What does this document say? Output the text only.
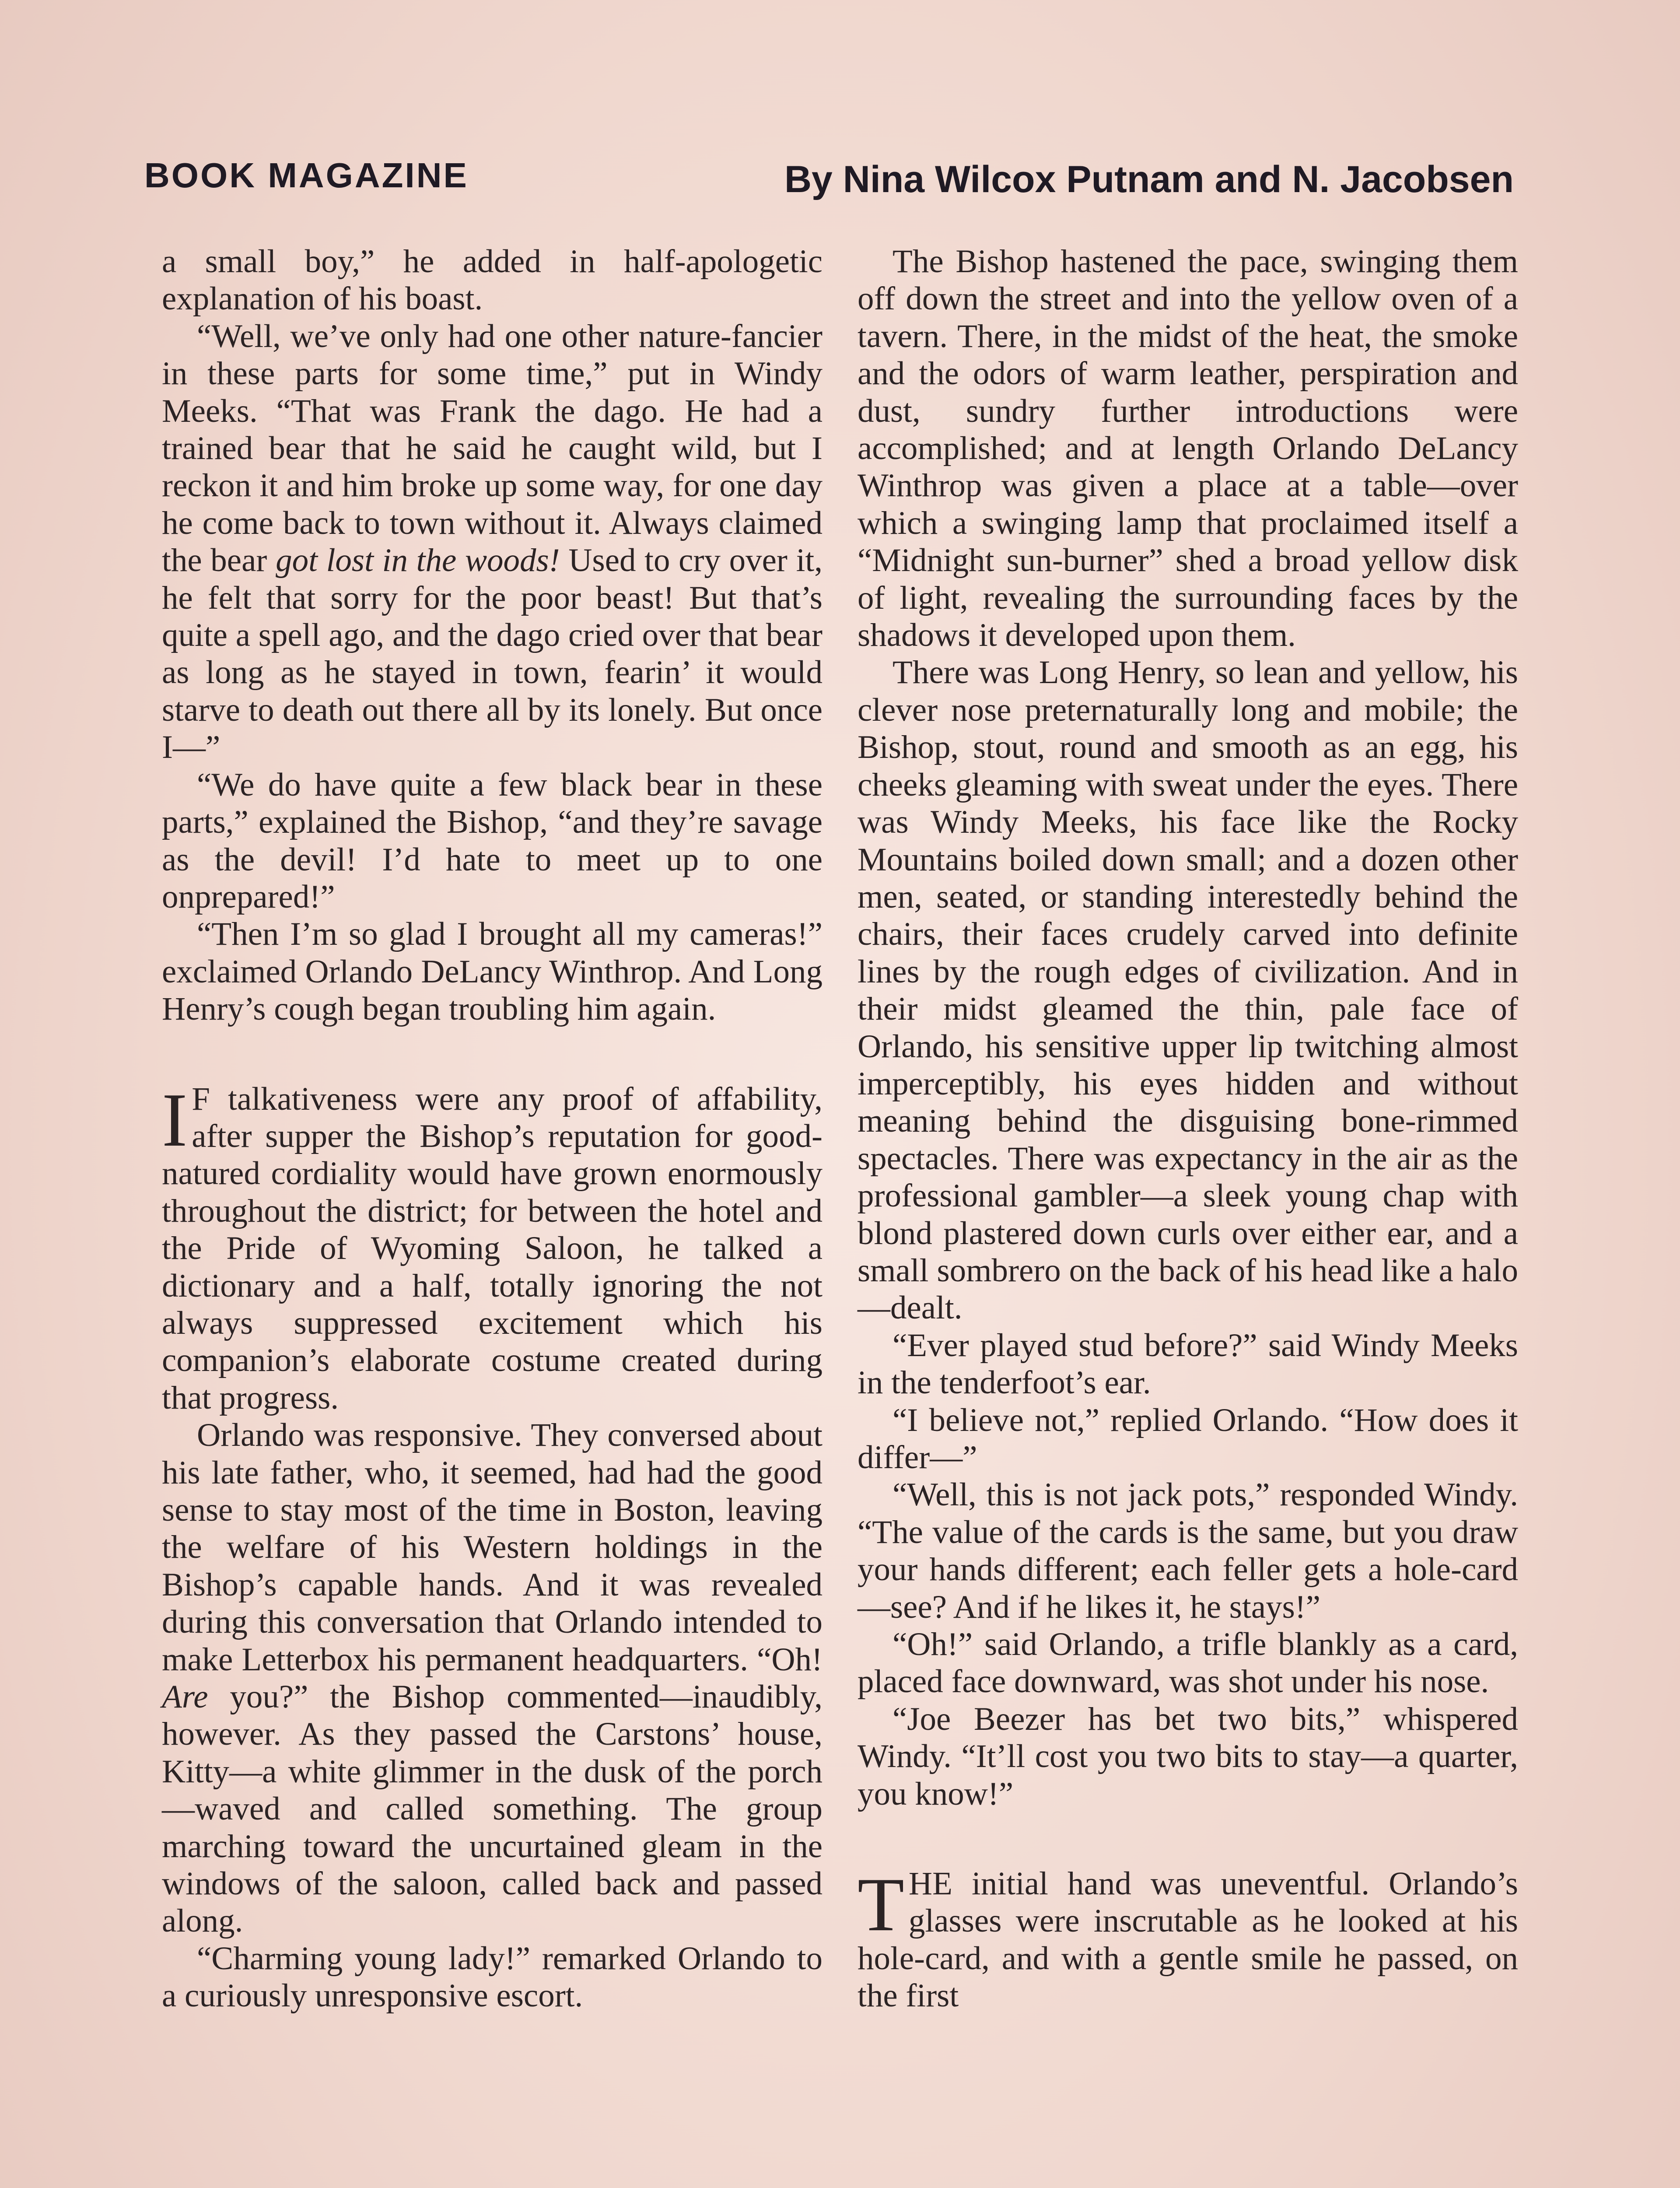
BOOK MAGAZINE	By Nina Wilcox Putnam and N. Jacobsen

a small boy,” he added in half-apologetic explanation of his boast.

“Well, we’ve only had one other nature-fancier in these parts for some time,” put in Windy Meeks. “That was Frank the dago. He had a trained bear that he said he caught wild, but I reckon it and him broke up some way, for one day he come back to town without it. Always claimed the bear got lost in the woods! Used to cry over it, he felt that sorry for the poor beast! But that’s quite a spell ago, and the dago cried over that bear as long as he stayed in town, fearin’ it would starve to death out there all by its lonely. But once I—”

“We do have quite a few black bear in these parts,” explained the Bishop, “and they’re savage as the devil! I’d hate to meet up to one onprepared!”

“Then I’m so glad I brought all my cameras!” exclaimed Orlando DeLancy Winthrop. And Long Henry’s cough began troubling him again.

I F talkativeness were any proof of affability, after supper the Bishop’s reputation for good-natured cordiality would have grown enormously throughout the district; for between the hotel and the Pride of Wyoming Saloon, he talked a dictionary and a half, totally ignoring the not always suppressed excitement which his companion’s elaborate costume created during that progress.

Orlando was responsive. They conversed about his late father, who, it seemed, had had the good sense to stay most of the time in Boston, leaving the welfare of his Western holdings in the Bishop’s capable hands. And it was revealed during this conversation that Orlando intended to make Letterbox his permanent headquarters. “Oh! Are you?” the Bishop commented—inaudibly, however. As they passed the Carstons’ house, Kitty—a white glimmer in the dusk of the porch—waved and called something. The group marching toward the uncurtained gleam in the windows of the saloon, called back and passed along.

“Charming young lady!” remarked Orlando to a curiously unresponsive escort.

The Bishop hastened the pace, swinging them off down the street and into the yellow oven of a tavern. There, in the midst of the heat, the smoke and the odors of warm leather, perspiration and dust, sundry further introductions were accomplished; and at length Orlando DeLancy Winthrop was given a place at a table—over which a swinging lamp that proclaimed itself a “Midnight sun-burner” shed a broad yellow disk of light, revealing the surrounding faces by the shadows it developed upon them.

There was Long Henry, so lean and yellow, his clever nose preternaturally long and mobile; the Bishop, stout, round and smooth as an egg, his cheeks gleaming with sweat under the eyes. There was Windy Meeks, his face like the Rocky Mountains boiled down small; and a dozen other men, seated, or standing interestedly behind the chairs, their faces crudely carved into definite lines by the rough edges of civilization. And in their midst gleamed the thin, pale face of Orlando, his sensitive upper lip twitching almost imperceptibly, his eyes hidden and without meaning behind the disguising bone-rimmed spectacles. There was expectancy in the air as the professional gambler—a sleek young chap with blond plastered down curls over either ear, and a small sombrero on the back of his head like a halo—dealt.

“Ever played stud before?” said Windy Meeks in the tenderfoot’s ear.

“I believe not,” replied Orlando. “How does it differ—”

“Well, this is not jack pots,” responded Windy. “The value of the cards is the same, but you draw your hands different; each feller gets a hole-card—see? And if he likes it, he stays!”

“Oh!” said Orlando, a trifle blankly as a card, placed face downward, was shot under his nose.

“Joe Beezer has bet two bits,” whispered Windy. “It’ll cost you two bits to stay—a quarter, you know!”

THE initial hand was uneventful. Orlando’s glasses were inscrutable as he looked at his hole-card, and with a gentle smile he passed, on the first
